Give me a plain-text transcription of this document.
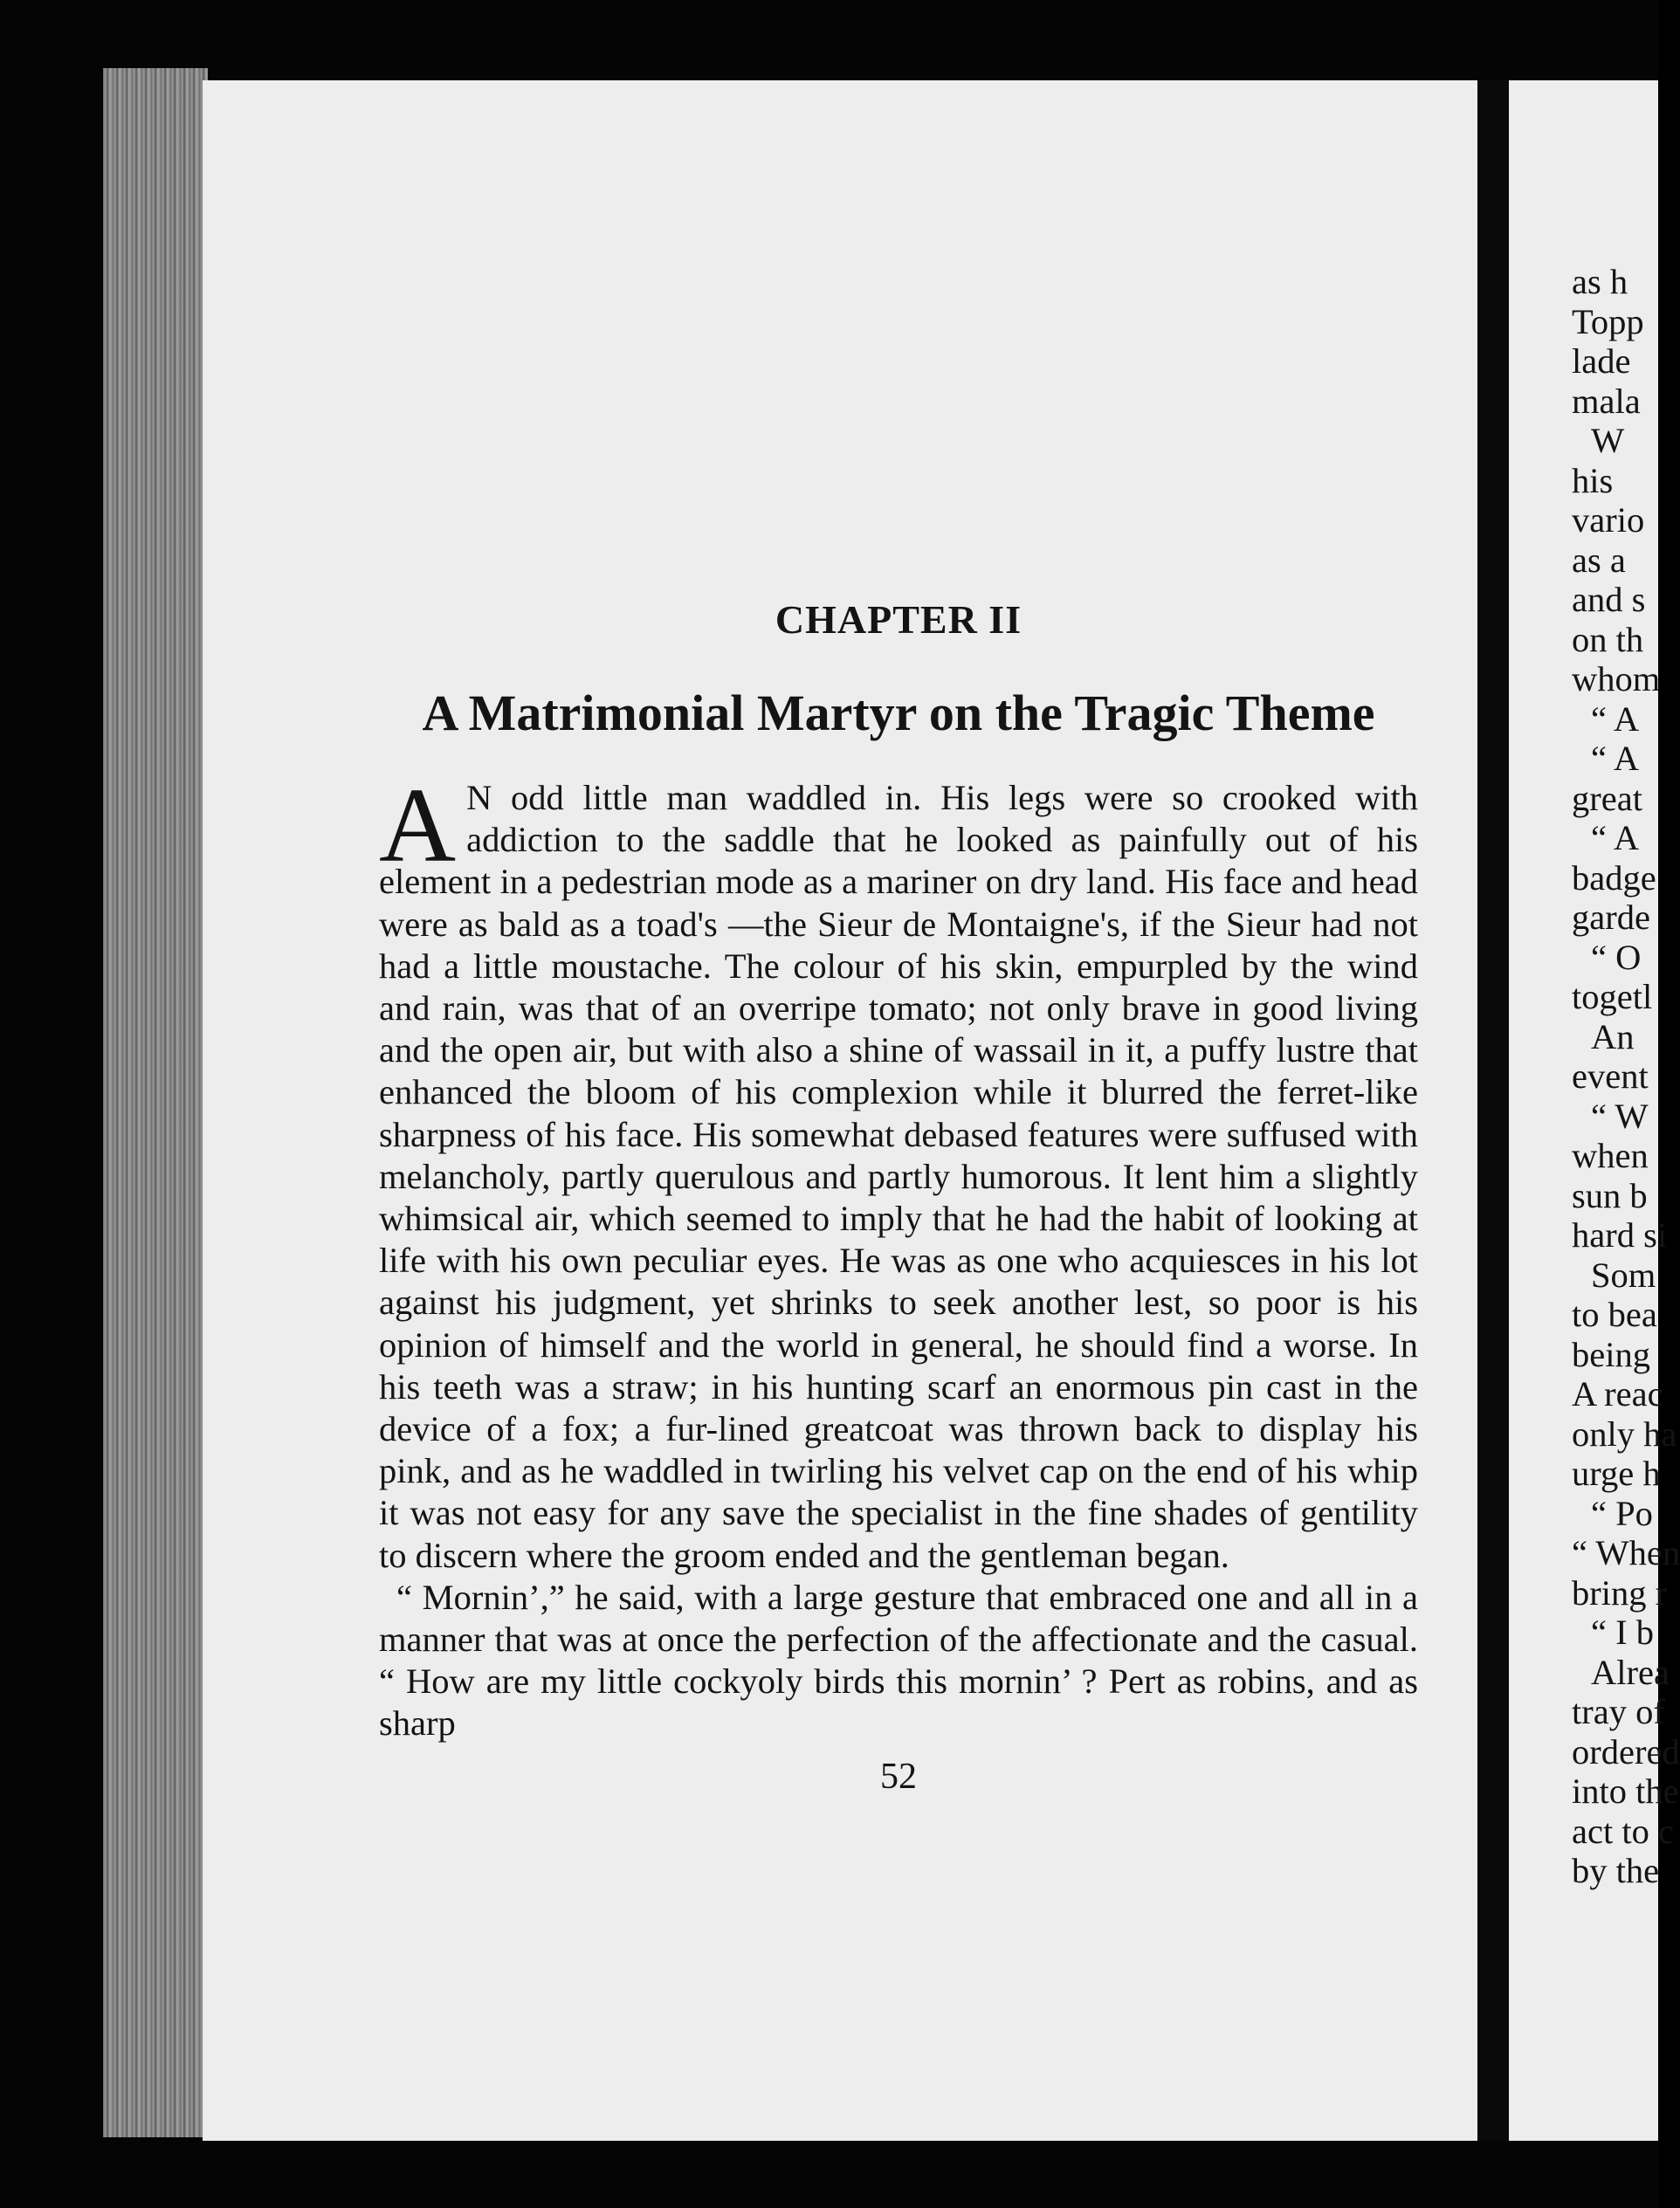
CHAPTER II
A Matrimonial Martyr on the Tragic Theme

A N odd little man waddled in. His legs were so crooked with addiction to the saddle that he looked as painfully out of his element in a pedestrian mode as a mariner on dry land. His face and head were as bald as a toad's —the Sieur de Montaigne's, if the Sieur had not had a little moustache. The colour of his skin, empurpled by the wind and rain, was that of an overripe tomato; not only brave in good living and the open air, but with also a shine of wassail in it, a puffy lustre that enhanced the bloom of his complexion while it blurred the ferret-like sharpness of his face. His somewhat debased features were suffused with melancholy, partly querulous and partly humorous. It lent him a slightly whimsical air, which seemed to imply that he had the habit of looking at life with his own peculiar eyes. He was as one who acquiesces in his lot against his judgment, yet shrinks to seek another lest, so poor is his opinion of himself and the world in general, he should find a worse. In his teeth was a straw; in his hunting scarf an enormous pin cast in the device of a fox; a fur-lined greatcoat was thrown back to display his pink, and as he waddled in twirling his velvet cap on the end of his whip it was not easy for any save the specialist in the fine shades of gentility to discern where the groom ended and the gentleman began.

“ Mornin’,” he said, with a large gesture that embraced one and all in a manner that was at once the perfection of the affectionate and the casual. “ How are my little cockyoly birds this mornin’ ? Pert as robins, and as sharp

52
as h
Topp
lade
mala
W
his
vario
as a
and s
on th
whom
“ A
“ A
great
“ A
badge
garde
“ O
togetl
An
event
“ W
when
sun b
hard si
Som
to bea
being
A reac
only ha
urge h
“ Po
“ When
bring r
“ I b
Alrea
tray of
ordered
into the
act to c
by the
